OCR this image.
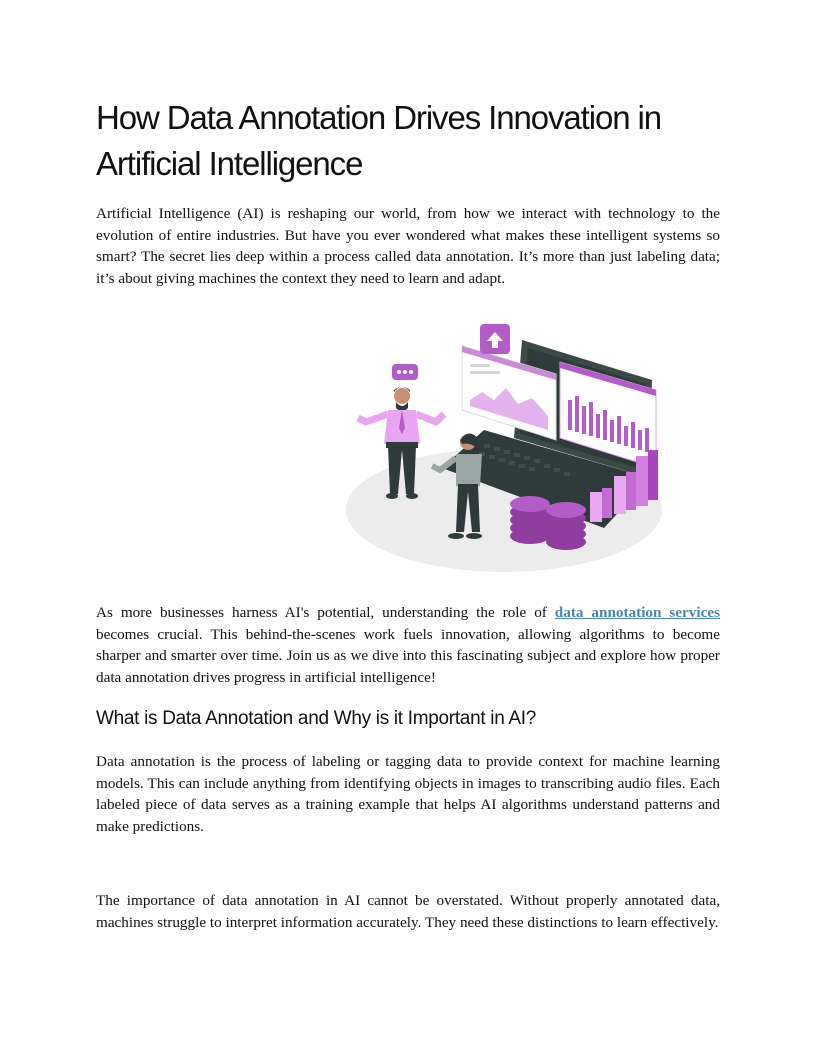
How Data Annotation Drives Innovation in Artificial Intelligence

Artificial Intelligence (AI) is reshaping our world, from how we interact with technology to the evolution of entire industries. But have you ever wondered what makes these intelligent systems so smart? The secret lies deep within a process called data annotation. It’s more than just labeling data; it’s about giving machines the context they need to learn and adapt.

As more businesses harness AI's potential, understanding the role of data annotation services becomes crucial. This behind-the-scenes work fuels innovation, allowing algorithms to become sharper and smarter over time. Join us as we dive into this fascinating subject and explore how proper data annotation drives progress in artificial intelligence!

What is Data Annotation and Why is it Important in AI?

Data annotation is the process of labeling or tagging data to provide context for machine learning models. This can include anything from identifying objects in images to transcribing audio files. Each labeled piece of data serves as a training example that helps AI algorithms understand patterns and make predictions.

The importance of data annotation in AI cannot be overstated. Without properly annotated data, machines struggle to interpret information accurately. They need these distinctions to learn effectively.
